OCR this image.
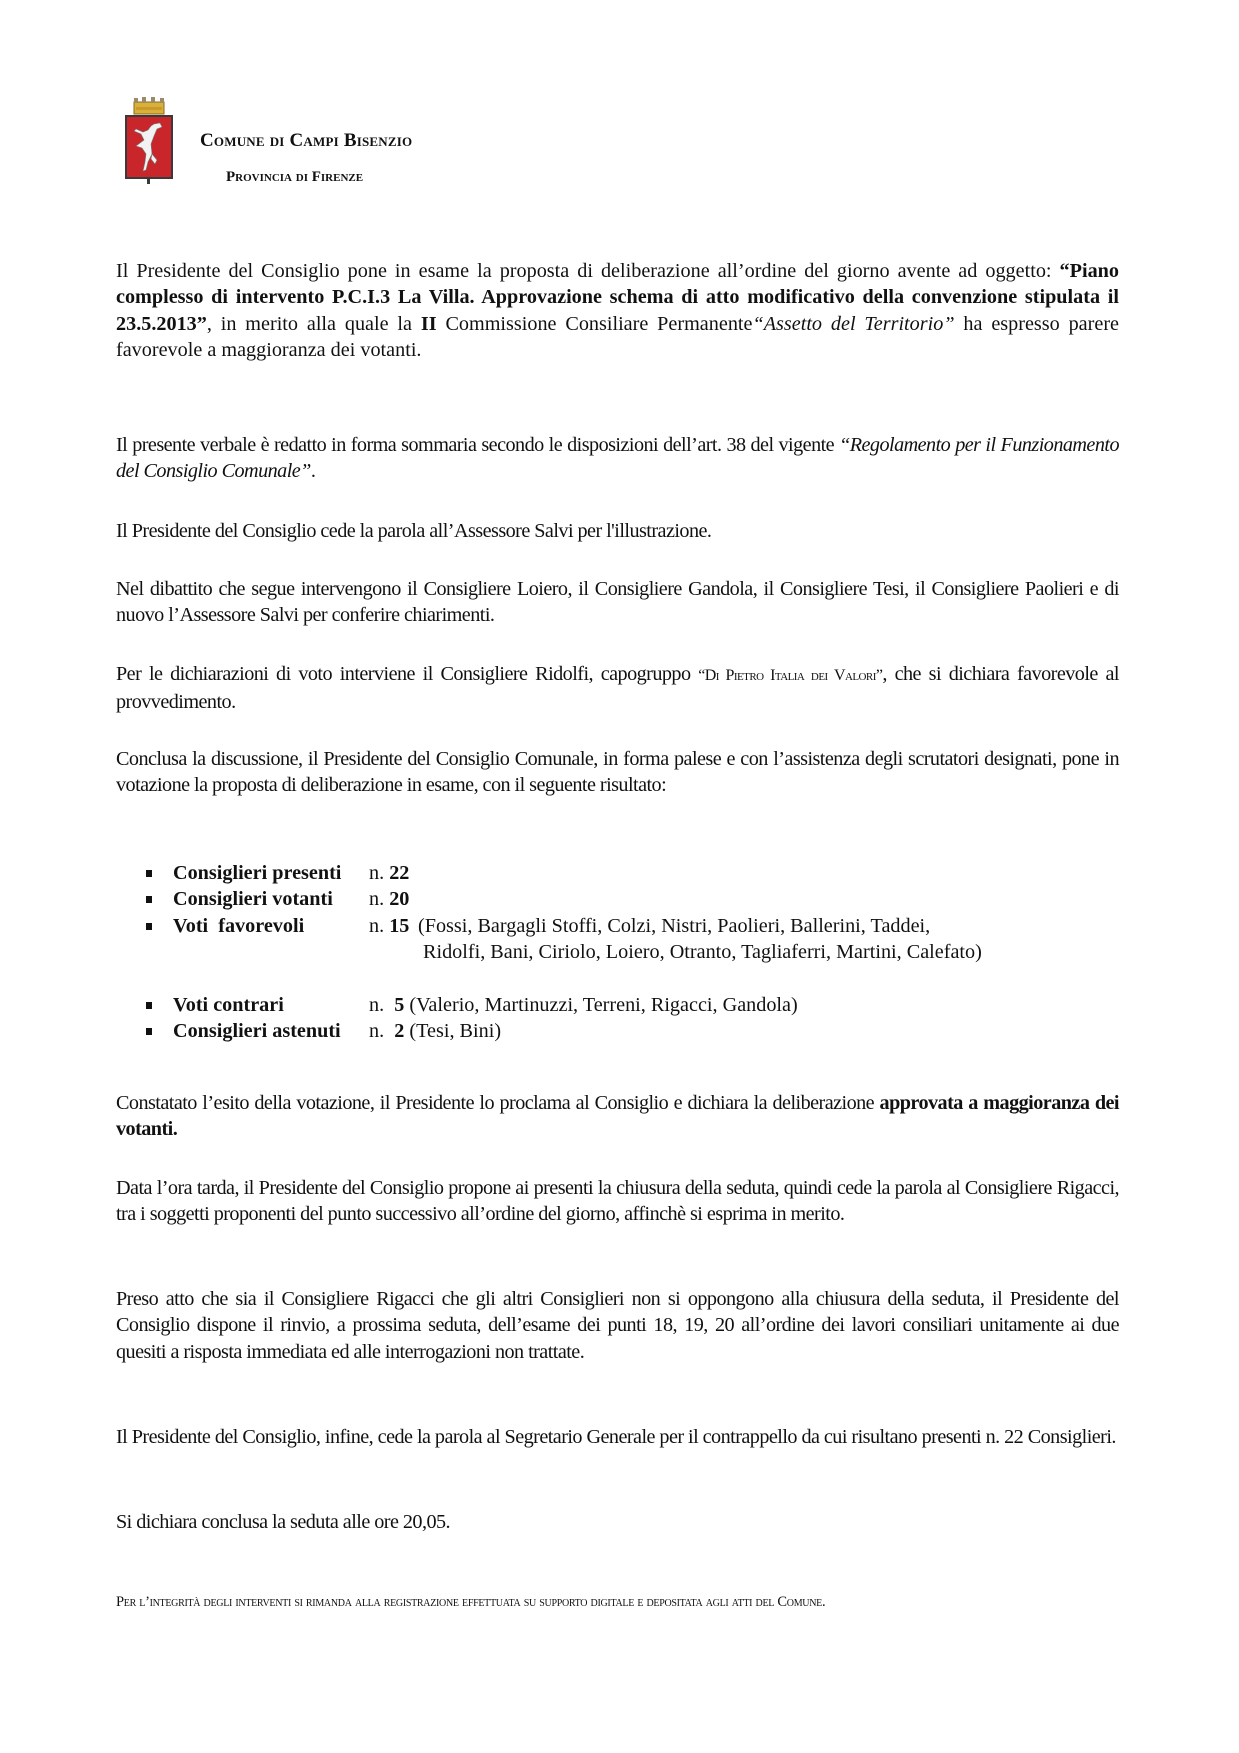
Comune di Campi Bisenzio
Provincia di Firenze

Il Presidente del Consiglio pone in esame la proposta di deliberazione all’ordine del giorno avente ad oggetto: “Piano complesso di intervento P.C.I.3 La Villa. Approvazione schema di atto modificativo della convenzione stipulata il 23.5.2013”, in merito alla quale la II Commissione Consiliare Permanente“Assetto del Territorio” ha espresso parere favorevole a maggioranza dei votanti.

Il presente verbale è redatto in forma sommaria secondo le disposizioni dell’art. 38 del vigente “Regolamento per il Funzionamento del Consiglio Comunale”.

Il Presidente del Consiglio cede la parola all’Assessore Salvi per l'illustrazione.

Nel dibattito che segue intervengono il Consigliere Loiero, il Consigliere Gandola, il Consigliere Tesi, il Consigliere Paolieri e di nuovo l’Assessore Salvi per conferire chiarimenti.

Per le dichiarazioni di voto interviene il Consigliere Ridolfi, capogruppo “Di Pietro Italia dei Valori”, che si dichiara favorevole al provvedimento.

Conclusa la discussione, il Presidente del Consiglio Comunale, in forma palese e con l’assistenza degli scrutatori designati, pone in votazione la proposta di deliberazione in esame, con il seguente risultato:

Consiglieri presenti n. 22
Consiglieri votanti n. 20
Voti  favorevoli	n. 15 (Fossi, Bargagli Stoffi, Colzi, Nistri, Paolieri, Ballerini, Taddei,
Ridolfi, Bani, Ciriolo, Loiero, Otranto, Tagliaferri, Martini, Calefato)
Voti contrari	n.  5 (Valerio, Martinuzzi, Terreni, Rigacci, Gandola)
Consiglieri astenuti n.  2 (Tesi, Bini)

Constatato l’esito della votazione, il Presidente lo proclama al Consiglio e dichiara la deliberazione approvata a maggioranza dei votanti.

Data l’ora tarda, il Presidente del Consiglio propone ai presenti la chiusura della seduta, quindi cede la parola al Consigliere Rigacci, tra i soggetti proponenti del punto successivo all’ordine del giorno, affinchè si esprima in merito.

Preso atto che sia il Consigliere Rigacci che gli altri Consiglieri non si oppongono alla chiusura della seduta, il Presidente del Consiglio dispone il rinvio, a prossima seduta, dell’esame dei punti 18, 19, 20 all’ordine dei lavori consiliari unitamente ai due quesiti a risposta immediata ed alle interrogazioni non trattate.

Il Presidente del Consiglio, infine, cede la parola al Segretario Generale per il contrappello da cui risultano presenti n. 22 Consiglieri.

Si dichiara conclusa la seduta alle ore 20,05.

Per l’integrità degli interventi si rimanda alla registrazione effettuata su supporto digitale e depositata agli atti del Comune.
